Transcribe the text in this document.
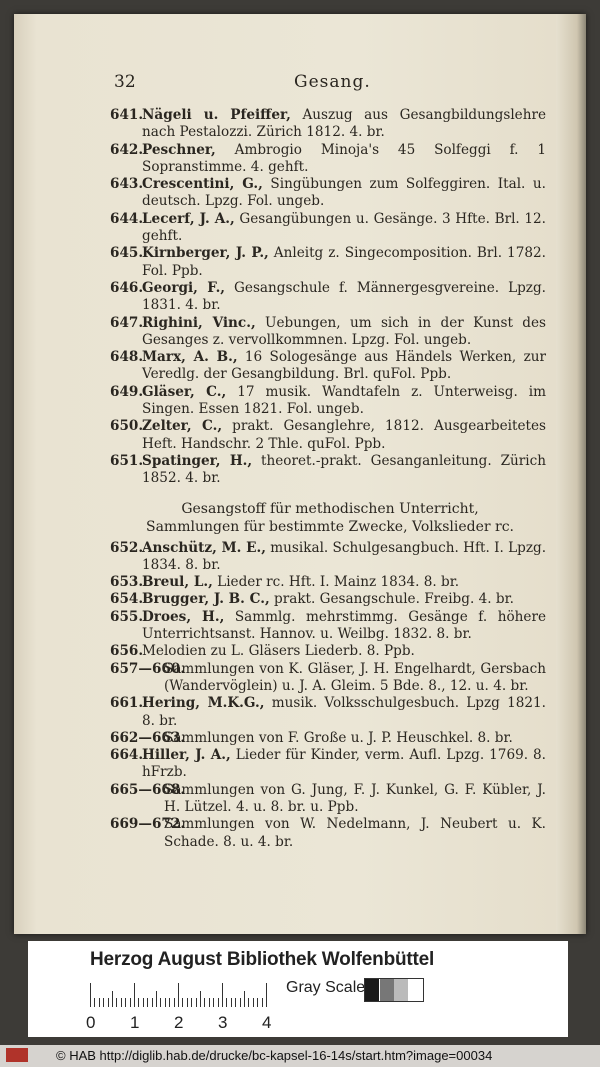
32	Gesang.
641.
Nägeli u. Pfeiffer, Auszug aus Gesangbildungslehre nach Pestalozzi. Zürich 1812. 4. br.
642.
Peschner, Ambrogio Minoja's 45 Solfeggi f. 1 Sopranstimme. 4. gehft.
643.
Crescentini, G., Singübungen zum Solfeggiren. Ital. u. deutsch. Lpzg. Fol. ungeb.
644.
Lecerf, J. A., Gesangübungen u. Gesänge. 3 Hfte. Brl. 12. gehft.
645.
Kirnberger, J. P., Anleitg z. Singecomposition. Brl. 1782. Fol. Ppb.
646.
Georgi, F., Gesangschule f. Männergesgvereine. Lpzg. 1831. 4. br.
647.
Righini, Vinc., Uebungen, um sich in der Kunst des Gesanges z. vervollkommnen. Lpzg. Fol. ungeb.
648.
Marx, A. B., 16 Sologesänge aus Händels Werken, zur Veredlg. der Gesangbildung. Brl. quFol. Ppb.
649.
Gläser, C., 17 musik. Wandtafeln z. Unterweisg. im Singen. Essen 1821. Fol. ungeb.
650.
Zelter, C., prakt. Gesanglehre, 1812. Ausgearbeitetes Heft. Handschr. 2 Thle. quFol. Ppb.
651.
Spatinger, H., theoret.-prakt. Gesanganleitung. Zürich 1852. 4. br.
Gesangstoff für methodischen Unterricht,
Sammlungen für bestimmte Zwecke, Volkslieder rc.
652.
Anschütz, M. E., musikal. Schulgesangbuch. Hft. I. Lpzg. 1834. 8. br.
653.
Breul, L., Lieder rc. Hft. I. Mainz 1834. 8. br.
654.
Brugger, J. B. C., prakt. Gesangschule. Freibg. 4. br.
655.
Droes, H., Sammlg. mehrstimmg. Gesänge f. höhere Unterrichtsanst. Hannov. u. Weilbg. 1832. 8. br.
656.
Melodien zu L. Gläsers Liederb. 8. Ppb.
657—660.
Sammlungen von K. Gläser, J. H. Engelhardt, Gersbach (Wandervöglein) u. J. A. Gleim. 5 Bde. 8., 12. u. 4. br.
661.
Hering, M.K.G., musik. Volksschulgesbuch. Lpzg 1821. 8. br.
662—663.
Sammlungen von F. Große u. J. P. Heuschkel. 8. br.
664.
Hiller, J. A., Lieder für Kinder, verm. Aufl. Lpzg. 1769. 8. hFrzb.
665—668.
Sammlungen von G. Jung, F. J. Kunkel, G. F. Kübler, J. H. Lützel. 4. u. 8. br. u. Ppb.
669—672.
Sammlungen von W. Nedelmann, J. Neubert u. K. Schade. 8. u. 4. br.
Herzog August Bibliothek Wolfenbüttel
0 1 2 3 4
Gray Scale
© HAB http://diglib.hab.de/drucke/bc-kapsel-16-14s/start.htm?image=00034
